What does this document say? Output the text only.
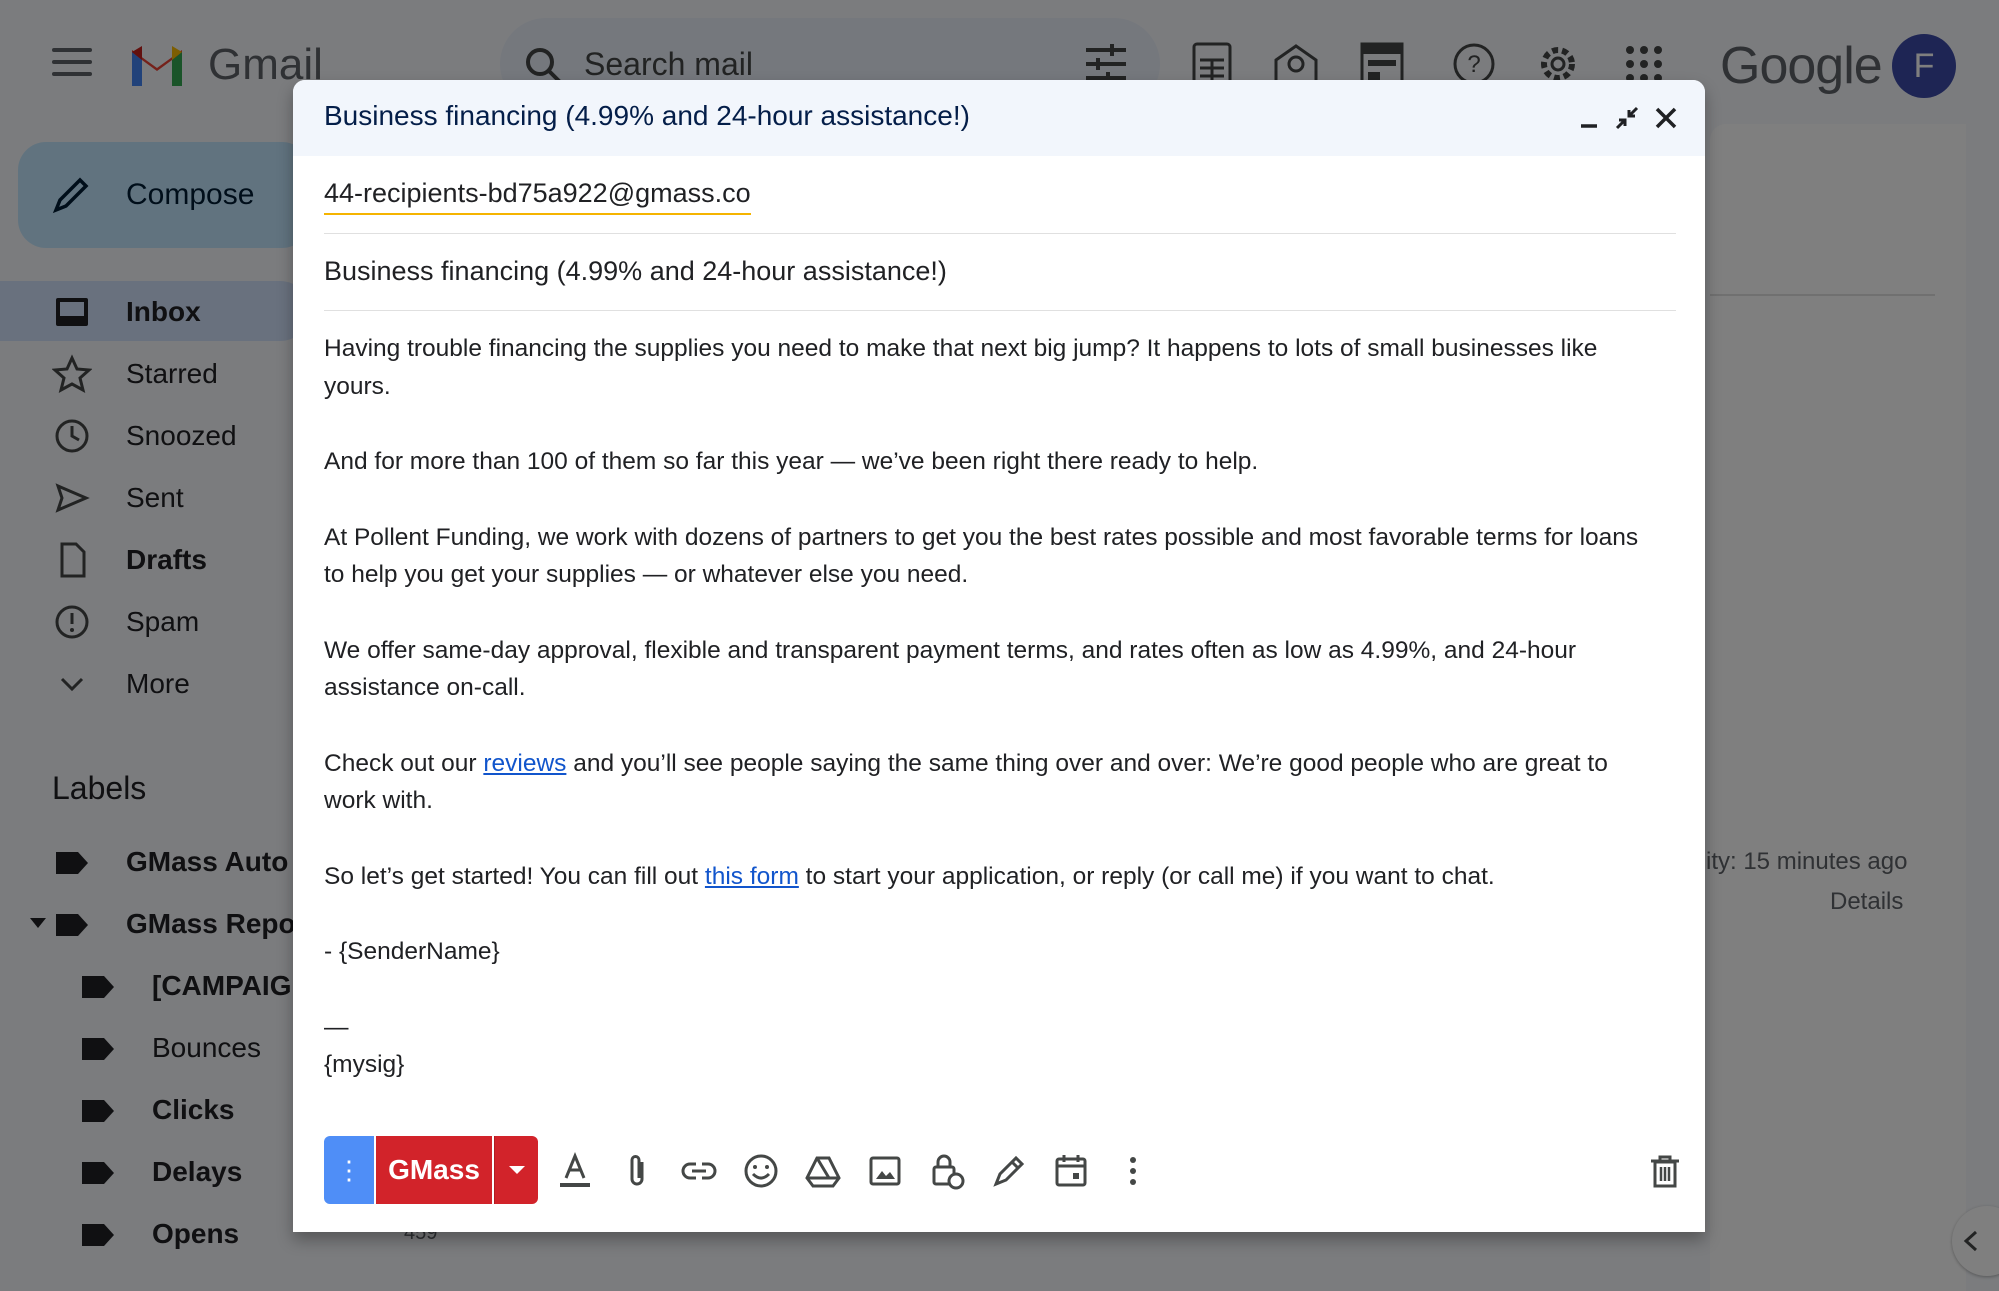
Business financing (4.99% and 24-hour assistance!)
44-recipients-bd75a922@gmass.co
Business financing (4.99% and 24-hour assistance!)

Having trouble financing the supplies you need to make that next big jump? It happens to lots of small businesses like yours.

And for more than 100 of them so far this year — we’ve been right there ready to help.

At Pollent Funding, we work with dozens of partners to get you the best rates possible and most favorable terms for loans to help you get your supplies — or whatever else you need.

We offer same-day approval, flexible and transparent payment terms, and rates often as low as 4.99%, and 24-hour assistance on-call.

Check out our reviews and you’ll see people saying the same thing over and over: We’re good people who are great to work with.

So let’s get started! You can fill out this form to start your application, or reply (or call me) if you want to chat.

- {SenderName}

—

{mysig}

⋮ GMass
